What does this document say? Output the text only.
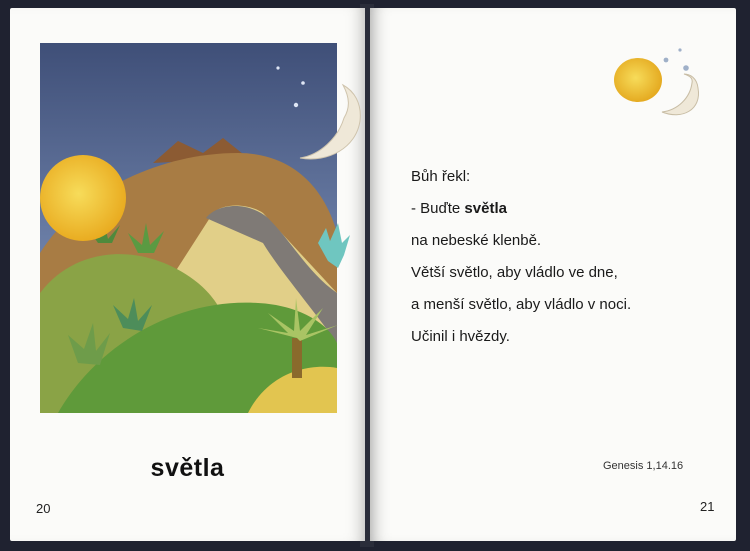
světla
20
Bůh řekl:
- Buďte světla
na nebeské klenbě.
Větší světlo, aby vládlo ve dne,
a menší světlo, aby vládlo v noci.
Učinil i hvězdy.
Genesis 1,14.16
21
